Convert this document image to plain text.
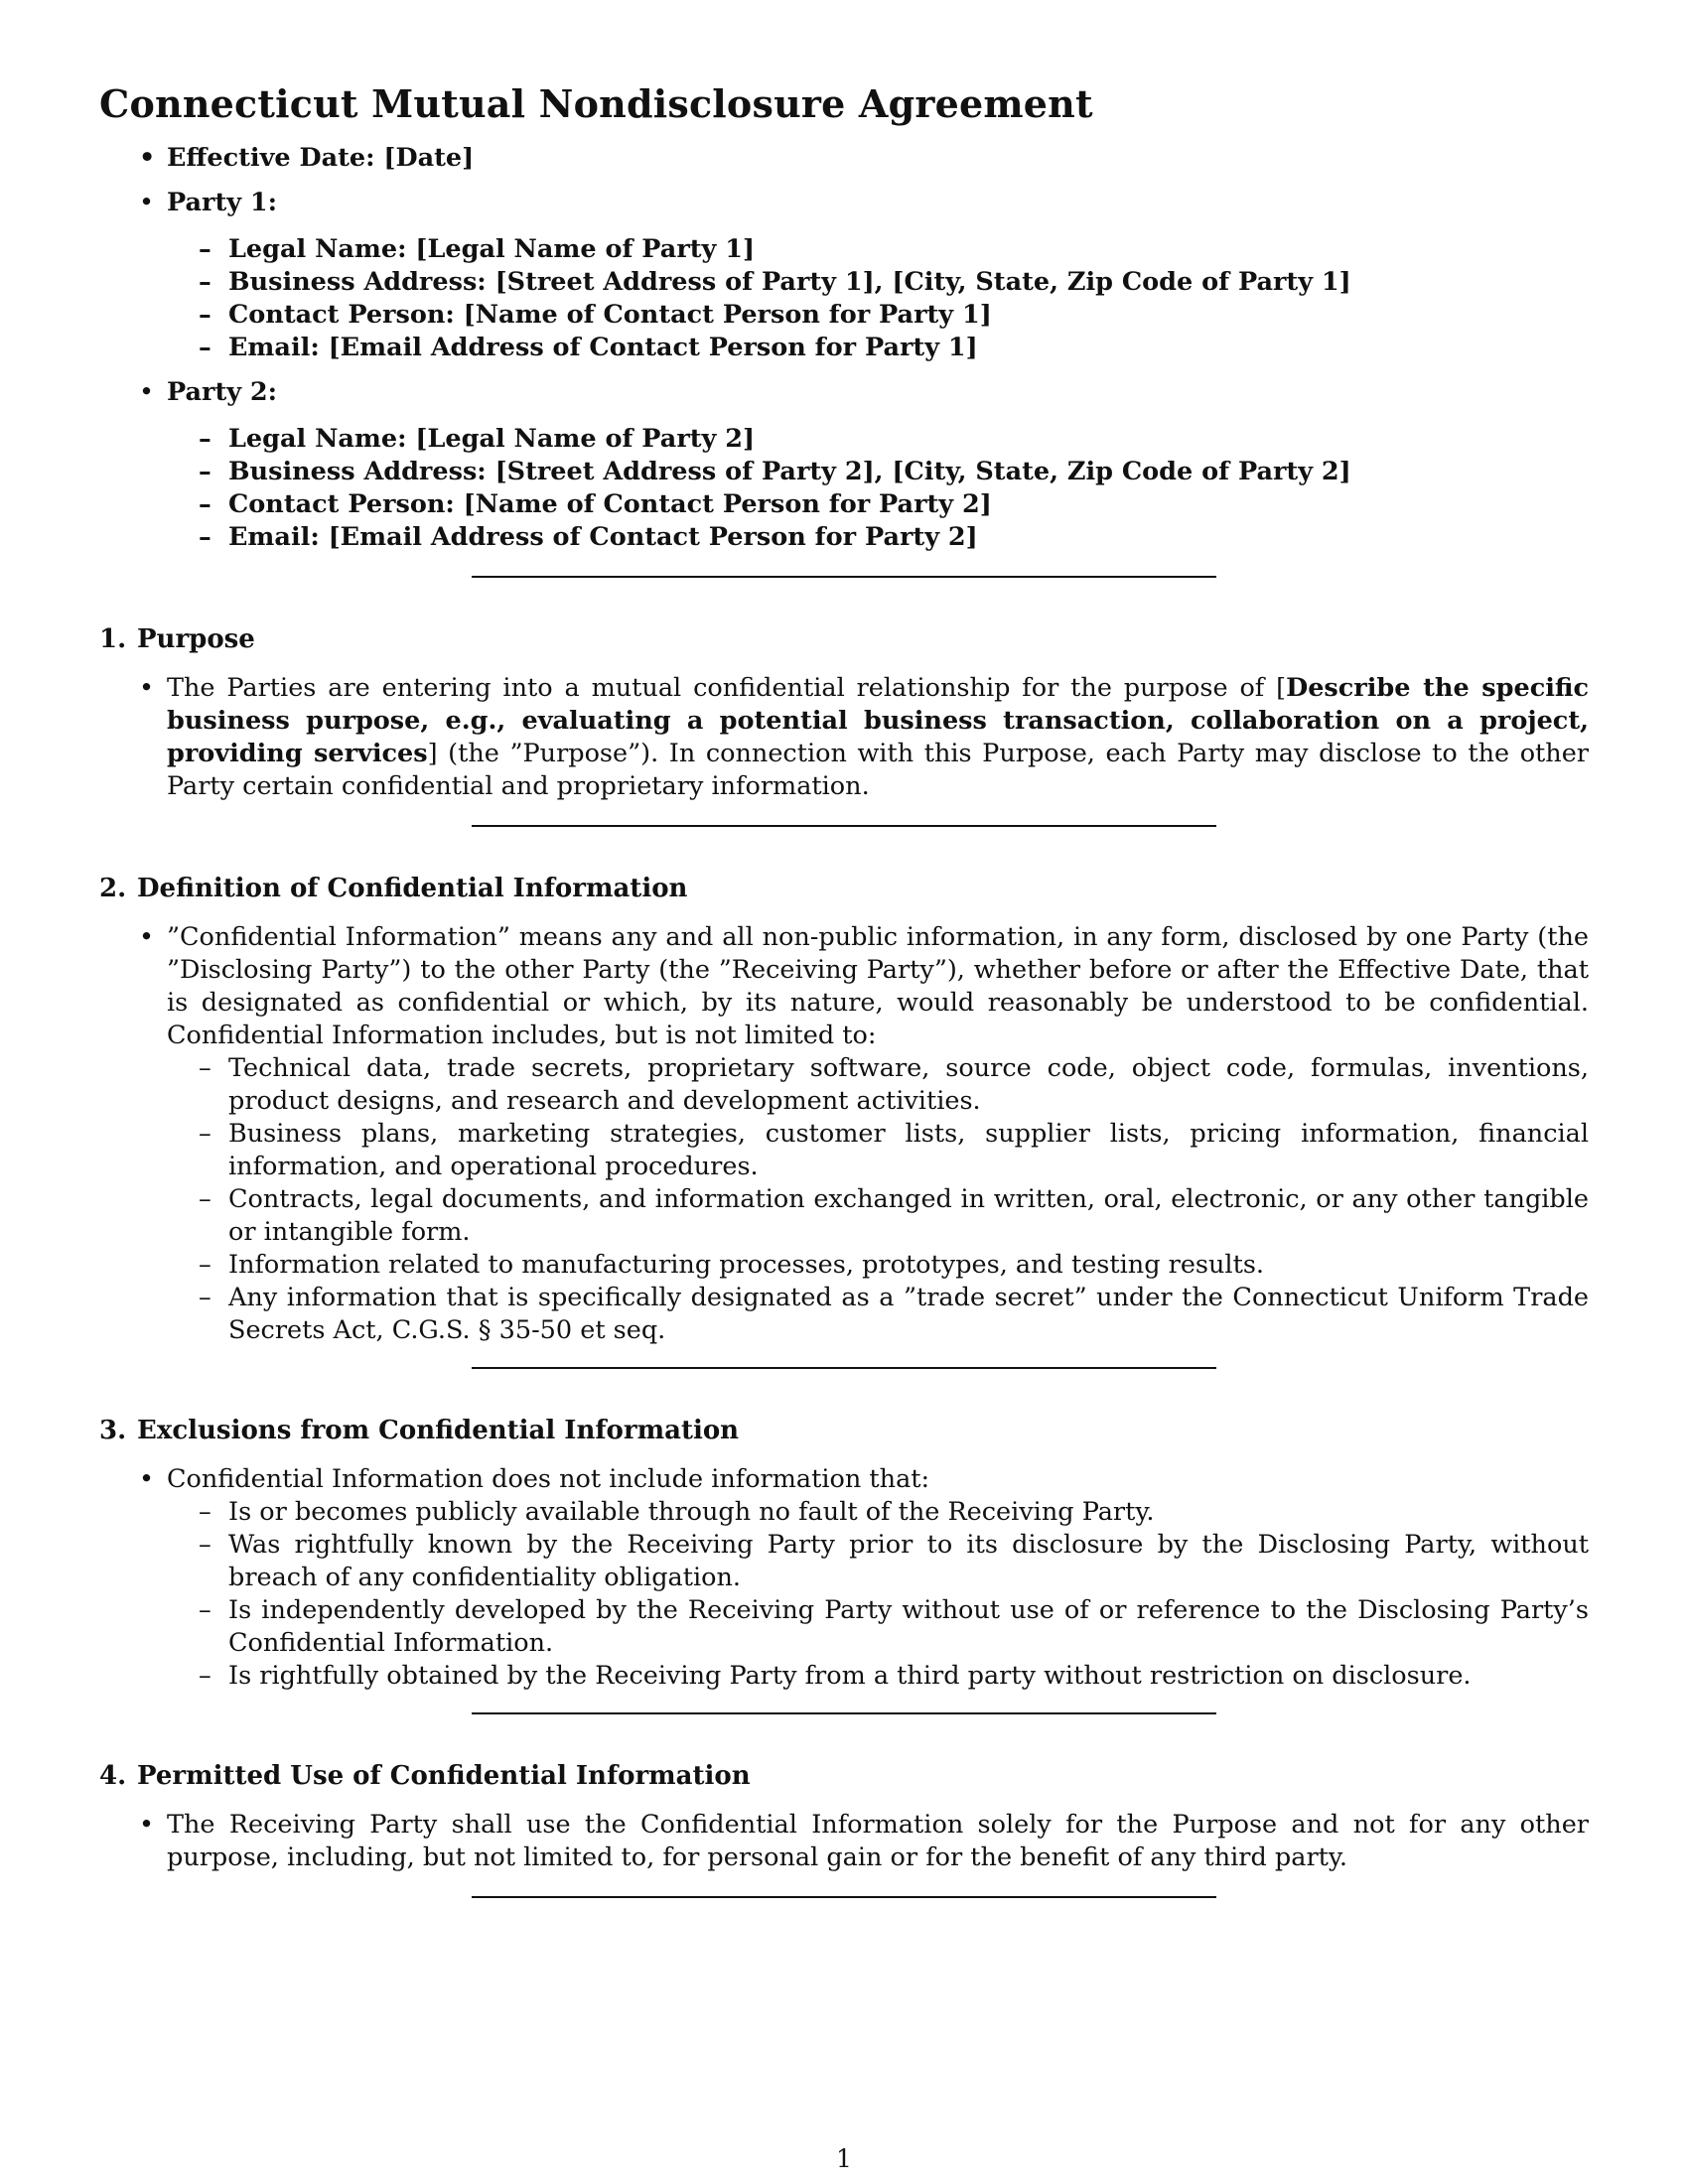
Connecticut Mutual Nondisclosure Agreement
• Effective Date: [Date]
• Party 1:
– Legal Name: [Legal Name of Party 1]
– Business Address: [Street Address of Party 1], [City, State, Zip Code of Party 1]
– Contact Person: [Name of Contact Person for Party 1]
– Email: [Email Address of Contact Person for Party 1]
• Party 2:
– Legal Name: [Legal Name of Party 2]
– Business Address: [Street Address of Party 2], [City, State, Zip Code of Party 2]
– Contact Person: [Name of Contact Person for Party 2]
– Email: [Email Address of Contact Person for Party 2]
1. Purpose
• The Parties are entering into a mutual confidential relationship for the purpose of [Describe the specific business purpose, e.g., evaluating a potential business transaction, collaboration on a project, providing services] (the ”Purpose”). In connection with this Purpose, each Party may disclose to the other Party certain confidential and proprietary information.
2. Definition of Confidential Information
• ”Confidential Information” means any and all non-public information, in any form, disclosed by one Party (the ”Disclosing Party”) to the other Party (the ”Receiving Party”), whether before or after the Effective Date, that is designated as confidential or which, by its nature, would reasonably be understood to be confidential. Confidential Information includes, but is not limited to:
– Technical data, trade secrets, proprietary software, source code, object code, formulas, inventions, product designs, and research and development activities.
– Business plans, marketing strategies, customer lists, supplier lists, pricing information, financial information, and operational procedures.
– Contracts, legal documents, and information exchanged in written, oral, electronic, or any other tangible or intangible form.
– Information related to manufacturing processes, prototypes, and testing results.
– Any information that is specifically designated as a ”trade secret” under the Connecticut Uniform Trade Secrets Act, C.G.S. § 35-50 et seq.
3. Exclusions from Confidential Information
• Confidential Information does not include information that:
– Is or becomes publicly available through no fault of the Receiving Party.
– Was rightfully known by the Receiving Party prior to its disclosure by the Disclosing Party, without breach of any confidentiality obligation.
– Is independently developed by the Receiving Party without use of or reference to the Disclosing Party’s Confidential Information.
– Is rightfully obtained by the Receiving Party from a third party without restriction on disclosure.
4. Permitted Use of Confidential Information
• The Receiving Party shall use the Confidential Information solely for the Purpose and not for any other purpose, including, but not limited to, for personal gain or for the benefit of any third party.
1
